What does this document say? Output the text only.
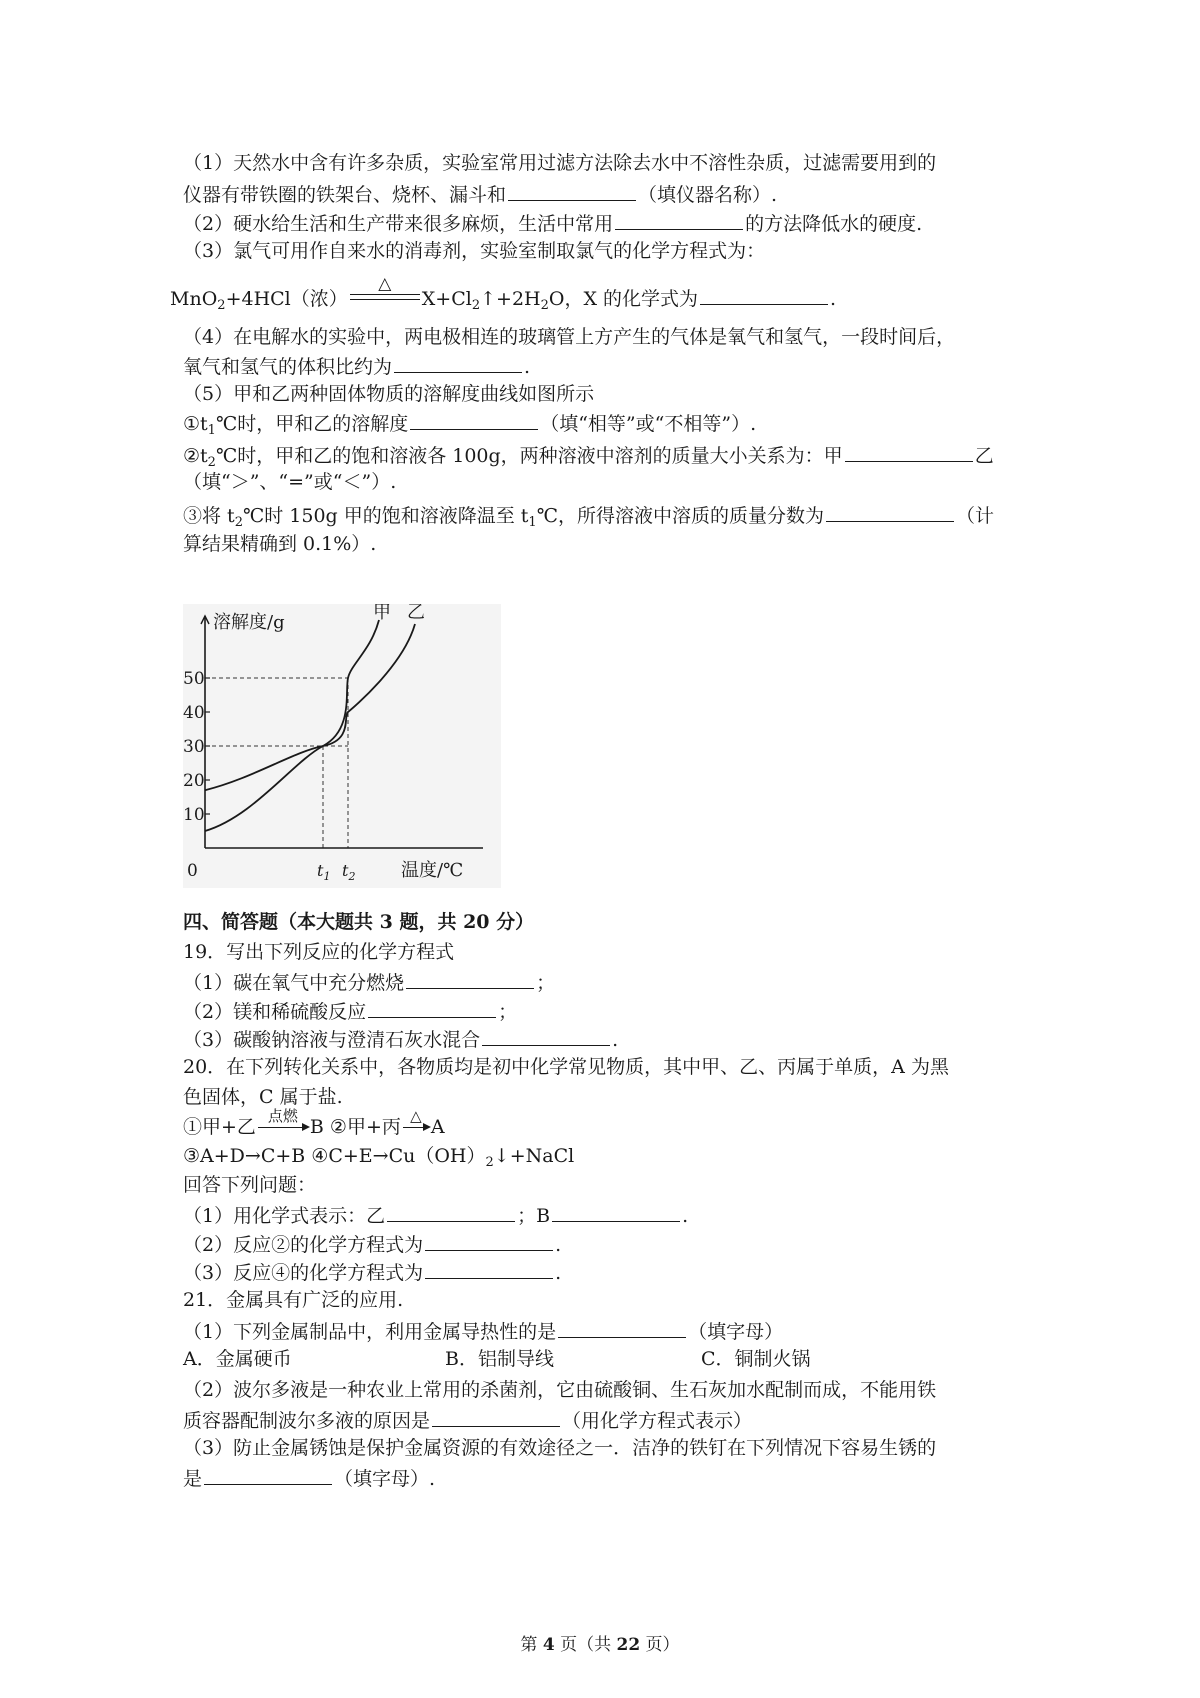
（1）天然水中含有许多杂质，实验室常用过滤方法除去水中不溶性杂质，过滤需要用到的
仪器有带铁圈的铁架台、烧杯、漏斗和	（填仪器名称）.
（2）硬水给生活和生产带来很多麻烦，生活中常用	的方法降低水的硬度.
（3）氯气可用作自来水的消毒剂，实验室制取氯气的化学方程式为：
MnO$_2$+4HCl（浓）
△
$X+Cl_2↑+2H_2O$，X 的化学式为	.
（4）在电解水的实验中，两电极相连的玻璃管上方产生的气体是氧气和氢气，一段时间后，
氧气和氢气的体积比约为	.
（5）甲和乙两种固体物质的溶解度曲线如图所示
$①t_1℃$时，甲和乙的溶解度	（填“相等”或“不相等”）.
$②t_2℃$时，甲和乙的饱和溶液各 100g，两种溶液中溶剂的质量大小关系为：甲	乙
（填“＞”、“=”或“＜”）.
③将 $t_2℃$时 150g 甲的饱和溶液降温至 $t_1℃$，所得溶液中溶质的质量分数为	（计
算结果精确到 0.1%）.
10
20
30
40
50
0	$t_1$ $t_2$
甲 乙
溶解度/g
温度/℃
四、简答题（本大题共 3 题，共 20 分）
19．写出下列反应的化学方程式
（1）碳在氧气中充分燃烧	；
（2）镁和稀硫酸反应	；
（3）碳酸钠溶液与澄清石灰水混合	.
20．在下列转化关系中，各物质均是初中化学常见物质，其中甲、乙、丙属于单质，A 为黑
色固体，C 属于盐.
①甲+乙 点燃 B ②甲+丙 △ A
③A+D→C+B $④C+E\to Cu(OH)_2↓+NaCl$
回答下列问题：
（1）用化学式表示：乙	；B	.
（2）反应②的化学方程式为	.
（3）反应④的化学方程式为	.
21．金属具有广泛的应用.
（1）下列金属制品中，利用金属导热性的是	（填字母）
A．金属硬币	B．铝制导线	C．铜制火锅
（2）波尔多液是一种农业上常用的杀菌剂，它由硫酸铜、生石灰加水配制而成，不能用铁
质容器配制波尔多液的原因是	（用化学方程式表示）
（3）防止金属锈蚀是保护金属资源的有效途径之一．洁净的铁钉在下列情况下容易生锈的
是	（填字母）.
第 4 页（共 22 页）
